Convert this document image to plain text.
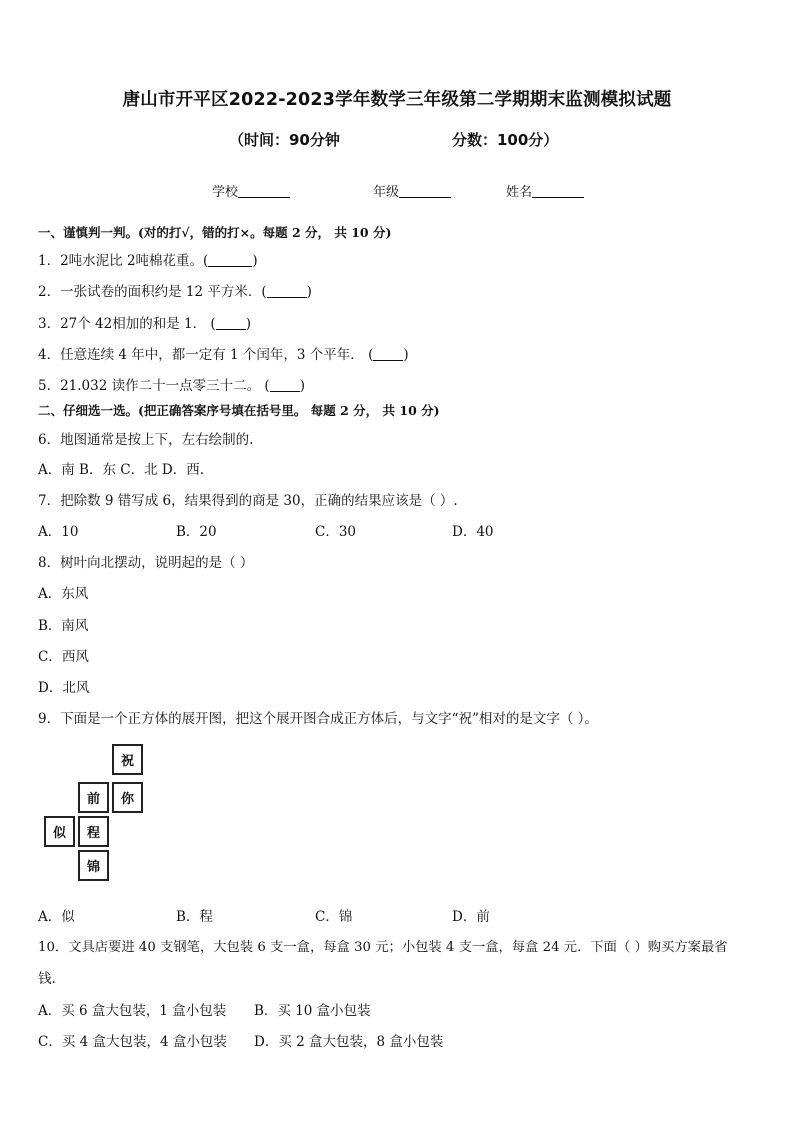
唐山市开平区2022-2023学年数学三年级第二学期期末监测模拟试题
（时间：90分钟	分数：100分）
学校	年级	姓名
一、谨慎判一判。(对的打√，错的打×。每题 2 分， 共 10 分)
1．2吨水泥比 2吨棉花重。(	)
2．一张试卷的面积约是 12 平方米．(	)
3．27个 42相加的和是 1． ( )
4．任意连续 4 年中，都一定有 1 个闰年，3 个平年． ( )
5．21.032 读作二十一点零三十二。 ( )
二、仔细选一选。(把正确答案序号填在括号里。 每题 2 分， 共 10 分)
6．地图通常是按上下，左右绘制的.
A．南 B．东 C．北 D．西.
7．把除数 9 错写成 6，结果得到的商是 30，正确的结果应该是（ ）.
A．10	B．20	C．30	D．40
8．树叶向北摆动，说明起的是（ ）
A．东风
B．南风
C．西风
D．北风
9．下面是一个正方体的展开图，把这个展开图合成正方体后，与文字“祝”相对的是文字（ ）。
祝
前	你
似	程
锦
A．似	B．程	C．锦	D．前
10．文具店要进 40 支钢笔，大包装 6 支一盒，每盒 30 元；小包装 4 支一盒，每盒 24 元．下面（ ）购买方案最省
钱.
A．买 6 盒大包装，1 盒小包装 B．买 10 盒小包装
C．买 4 盒大包装，4 盒小包装 D．买 2 盒大包装，8 盒小包装
